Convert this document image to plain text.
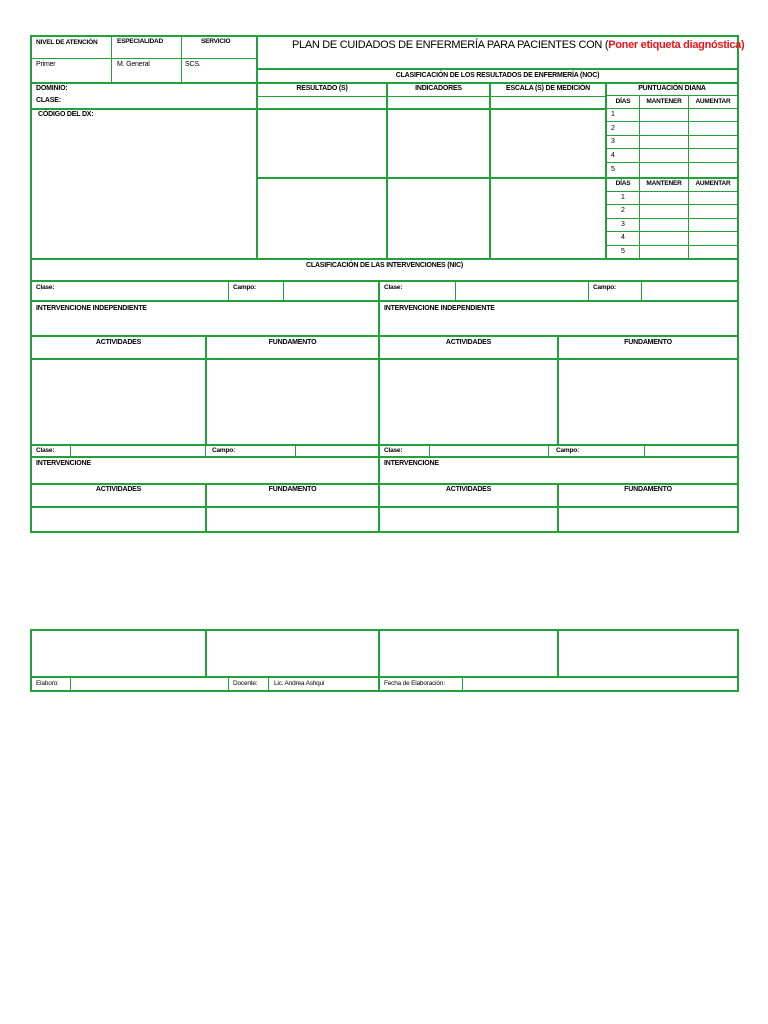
NIVEL DE ATENCIÓN	ESPECIALIDAD	SERVICIO
Primer	M. General	SCS.
PLAN DE CUIDADOS DE ENFERMERÍA PARA PACIENTES CON (Poner etiqueta diagnóstica)
CLASIFICACIÓN DE LOS RESULTADOS DE ENFERMERÍA (NOC)
DOMINIO:
CLASE:
CÓDIGO DEL DX:
RESULTADO (S)	INDICADORES	ESCALA (S) DE MEDICIÓN	PUNTUACIÓN DIANA
DÍAS	MANTENER	AUMENTAR
1
2
3
4
5
DÍAS	MANTENER	AUMENTAR
1
2
3
4
5
CLASIFICACIÓN DE LAS INTERVENCIONES (NIC)
Clase:	Campo:	Clase:	Campo:
INTERVENCIONE INDEPENDIENTE	INTERVENCIONE INDEPENDIENTE
ACTIVIDADES	FUNDAMENTO	ACTIVIDADES	FUNDAMENTO
Clase:	Campo:	Clase:	Campo:
INTERVENCIONE	INTERVENCIONE
ACTIVIDADES	FUNDAMENTO	ACTIVIDADES	FUNDAMENTO
Elaboro:	Docente:	Lic. Andrea Ashqui	Fecha de Elaboración:
